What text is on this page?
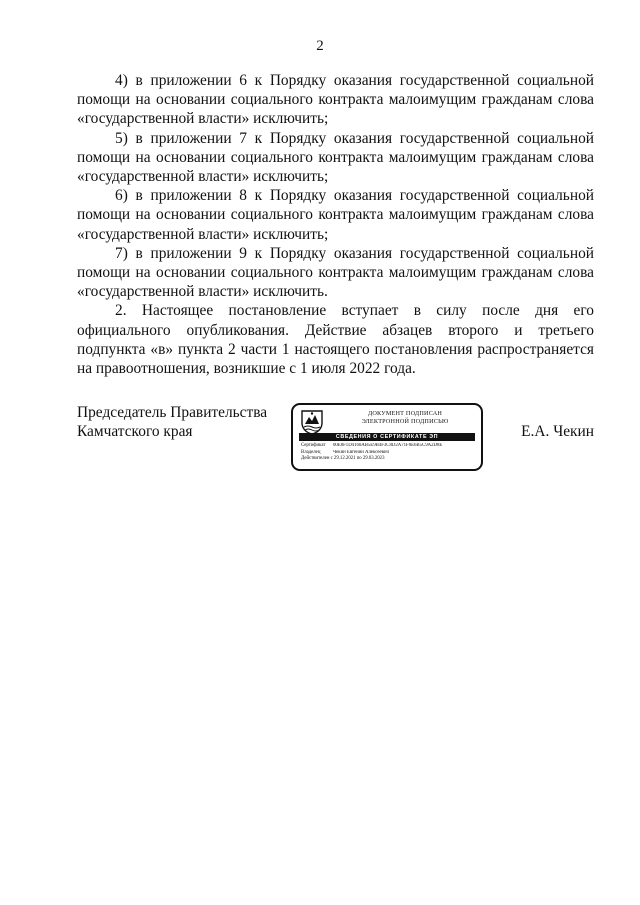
2

4) в приложении 6 к Порядку оказания государственной социальной помощи на основании социального контракта малоимущим гражданам слова «государственной власти» исключить;

5) в приложении 7 к Порядку оказания государственной социальной помощи на основании социального контракта малоимущим гражданам слова «государственной власти» исключить;

6) в приложении 8 к Порядку оказания государственной социальной помощи на основании социального контракта малоимущим гражданам слова «государственной власти» исключить;

7) в приложении 9 к Порядку оказания государственной социальной помощи на основании социального контракта малоимущим гражданам слова «государственной власти» исключить.

2. Настоящее постановление вступает в силу после дня его официального опубликования. Действие абзацев второго и третьего подпункта «в» пункта 2 части 1 настоящего постановления распространяется на правоотношения, возникшие с 1 июля 2022 года.

Председатель Правительства
Камчатского края
ДОКУМЕНТ ПОДПИСАН
ЭЛЕКТРОННОЙ ПОДПИСЬЮ
СВЕДЕНИЯ О СЕРТИФИКАТЕ ЭП
Сертификат	00E8F1D4160AB5E9B4F3C8D2A71F0E6B5C9A2D8E
Владелец	Чекин Евгений Алексеевич
Действителен с 29.12.2021 по 29.03.2023
Е.А. Чекин
